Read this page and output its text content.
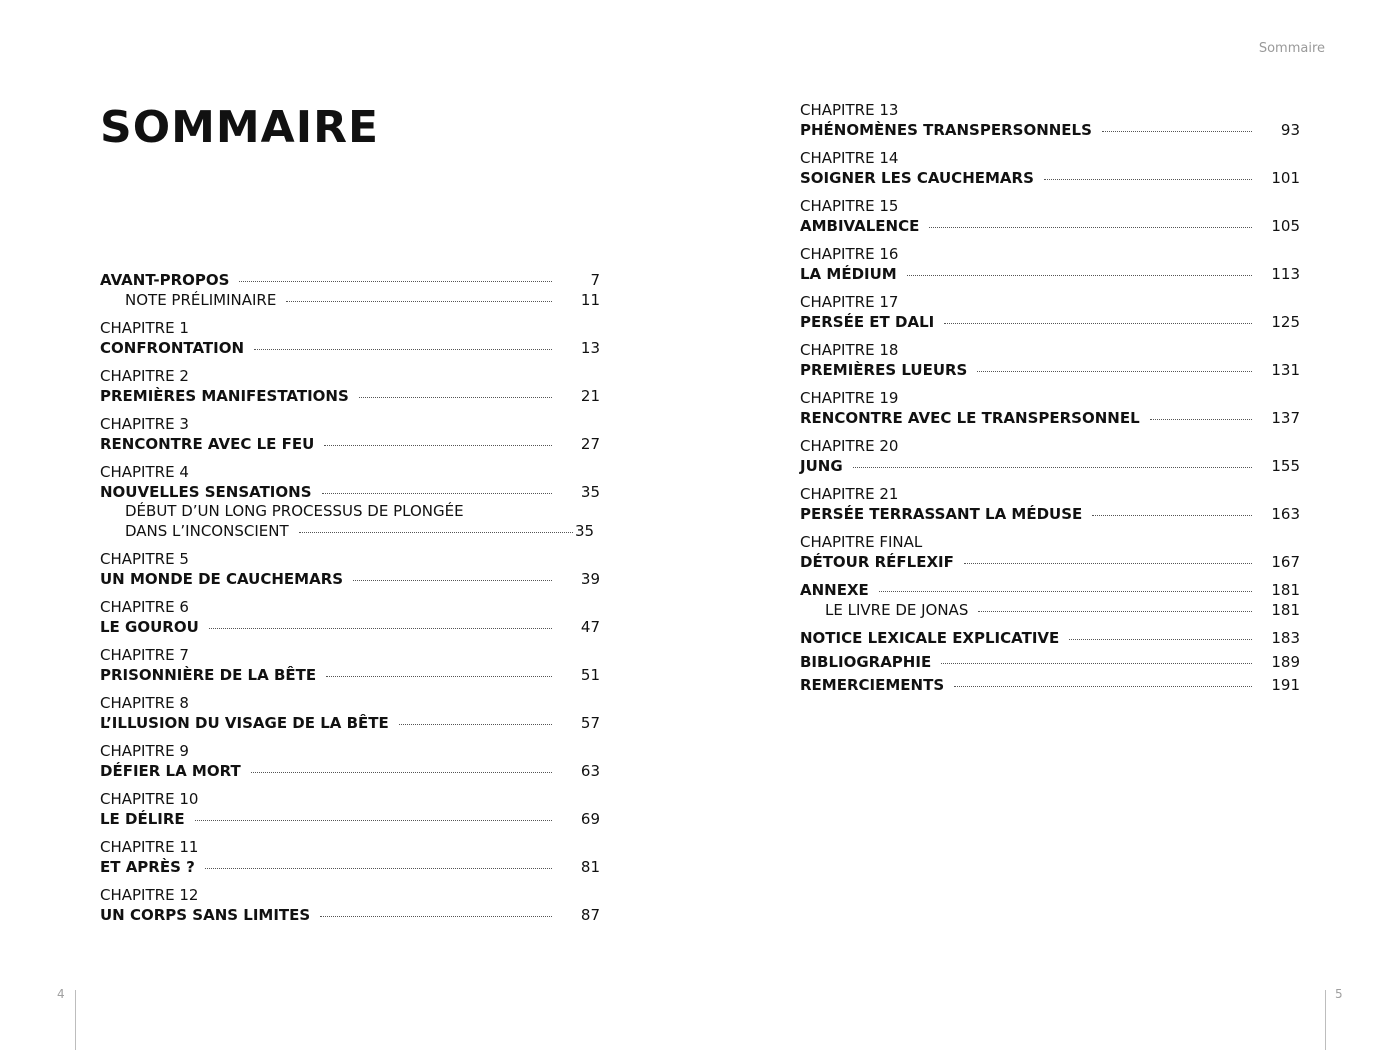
Sommaire
SOMMAIRE
AVANT-PROPOS	7
NOTE PRÉLIMINAIRE	11
CHAPITRE 1
CONFRONTATION	13
CHAPITRE 2
PREMIÈRES MANIFESTATIONS	21
CHAPITRE 3
RENCONTRE AVEC LE FEU	27
CHAPITRE 4
NOUVELLES SENSATIONS	35
DÉBUT D’UN LONG PROCESSUS DE PLONGÉE
DANS L’INCONSCIENT	35
CHAPITRE 5
UN MONDE DE CAUCHEMARS	39
CHAPITRE 6
LE GOUROU	47
CHAPITRE 7
PRISONNIÈRE DE LA BÊTE	51
CHAPITRE 8
L’ILLUSION DU VISAGE DE LA BÊTE	57
CHAPITRE 9
DÉFIER LA MORT	63
CHAPITRE 10
LE DÉLIRE	69
CHAPITRE 11
ET APRÈS ?	81
CHAPITRE 12
UN CORPS SANS LIMITES	87
CHAPITRE 13
PHÉNOMÈNES TRANSPERSONNELS	93
CHAPITRE 14
SOIGNER LES CAUCHEMARS	101
CHAPITRE 15
AMBIVALENCE	105
CHAPITRE 16
LA MÉDIUM	113
CHAPITRE 17
PERSÉE ET DALI	125
CHAPITRE 18
PREMIÈRES LUEURS	131
CHAPITRE 19
RENCONTRE AVEC LE TRANSPERSONNEL	137
CHAPITRE 20
JUNG	155
CHAPITRE 21
PERSÉE TERRASSANT LA MÉDUSE	163
CHAPITRE FINAL
DÉTOUR RÉFLEXIF	167
ANNEXE	181
LE LIVRE DE JONAS	181
NOTICE LEXICALE EXPLICATIVE	183
BIBLIOGRAPHIE	189
REMERCIEMENTS	191
4	5
